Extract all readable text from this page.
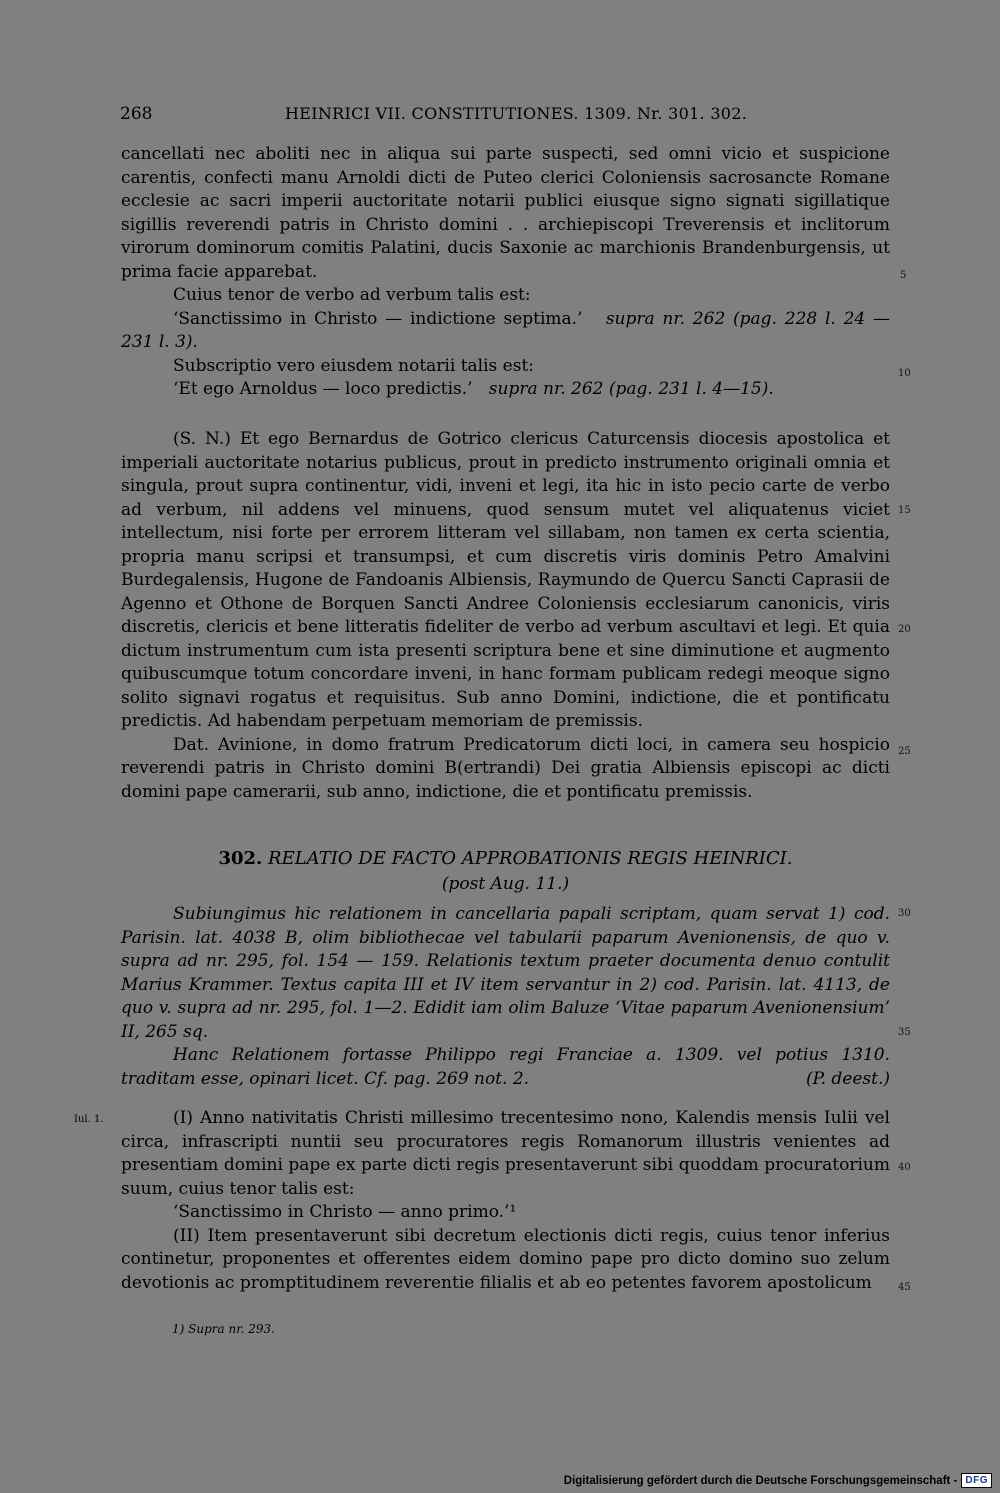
268	HEINRICI VII. CONSTITUTIONES. 1309. Nr. 301. 302.

cancellati nec aboliti nec in aliqua sui parte suspecti, sed omni vicio et suspicione carentis, confecti manu Arnoldi dicti de Puteo clerici Coloniensis sacrosancte Romane ecclesie ac sacri imperii auctoritate notarii publici eiusque signo signati sigillatique sigillis reverendi patris in Christo domini . . archiepiscopi Treverensis et inclitorum virorum dominorum comitis Palatini, ducis Saxonie ac marchionis Brandenburgensis, ut prima facie apparebat.

Cuius tenor de verbo ad verbum talis est:

‘Sanctissimo in Christo — indictione septima.’ supra nr. 262 (pag. 228 l. 24 — 231 l. 3).

Subscriptio vero eiusdem notarii talis est:

‘Et ego Arnoldus — loco predictis.’ supra nr. 262 (pag. 231 l. 4—15).

(S. N.) Et ego Bernardus de Gotrico clericus Caturcensis diocesis apostolica et imperiali auctoritate notarius publicus, prout in predicto instrumento originali omnia et singula, prout supra continentur, vidi, inveni et legi, ita hic in isto pecio carte de verbo ad verbum, nil addens vel minuens, quod sensum mutet vel aliquatenus viciet intellectum, nisi forte per errorem litteram vel sillabam, non tamen ex certa scientia, propria manu scripsi et transumpsi, et cum discretis viris dominis Petro Amalvini Burdegalensis, Hugone de Fandoanis Albiensis, Raymundo de Quercu Sancti Caprasii de Agenno et Othone de Borquen Sancti Andree Coloniensis ecclesiarum canonicis, viris discretis, clericis et bene litteratis fideliter de verbo ad verbum ascultavi et legi. Et quia dictum instrumentum cum ista presenti scriptura bene et sine diminutione et augmento quibuscumque totum concordare inveni, in hanc formam publicam redegi meoque signo solito signavi rogatus et requisitus. Sub anno Domini, indictione, die et pontificatu predictis. Ad habendam perpetuam memoriam de premissis.

Dat. Avinione, in domo fratrum Predicatorum dicti loci, in camera seu hospicio reverendi patris in Christo domini B(ertrandi) Dei gratia Albiensis episcopi ac dicti domini pape camerarii, sub anno, indictione, die et pontificatu premissis.

302. RELATIO DE FACTO APPROBATIONIS REGIS HEINRICI.
(post Aug. 11.)

Subiungimus hic relationem in cancellaria papali scriptam, quam servat 1) cod. Parisin. lat. 4038 B, olim bibliothecae vel tabularii paparum Avenionensis, de quo v. supra ad nr. 295, fol. 154 — 159. Relationis textum praeter documenta denuo contulit Marius Krammer. Textus capita III et IV item servantur in 2) cod. Parisin. lat. 4113, de quo v. supra ad nr. 295, fol. 1—2. Edidit iam olim Baluze ‘Vitae paparum Avenionensium’ II, 265 sq.

Hanc Relationem fortasse Philippo regi Franciae a. 1309. vel potius 1310. traditam esse, opinari licet. Cf. pag. 269 not. 2.	(P. deest.)

(I) Anno nativitatis Christi millesimo trecentesimo nono, Kalendis mensis Iulii vel circa, infrascripti nuntii seu procuratores regis Romanorum illustris venientes ad presentiam domini pape ex parte dicti regis presentaverunt sibi quoddam procuratorium suum, cuius tenor talis est:

‘Sanctissimo in Christo — anno primo.’¹

(II) Item presentaverunt sibi decretum electionis dicti regis, cuius tenor inferius continetur, proponentes et offerentes eidem domino pape pro dicto domino suo zelum devotionis ac promptitudinem reverentie filialis et ab eo petentes favorem apostolicum

Iul. 1.
5
10
15
20
25
30
35
40
45
1) Supra nr. 293.
Digitalisierung gefördert durch die Deutsche Forschungsgemeinschaft - DFG
